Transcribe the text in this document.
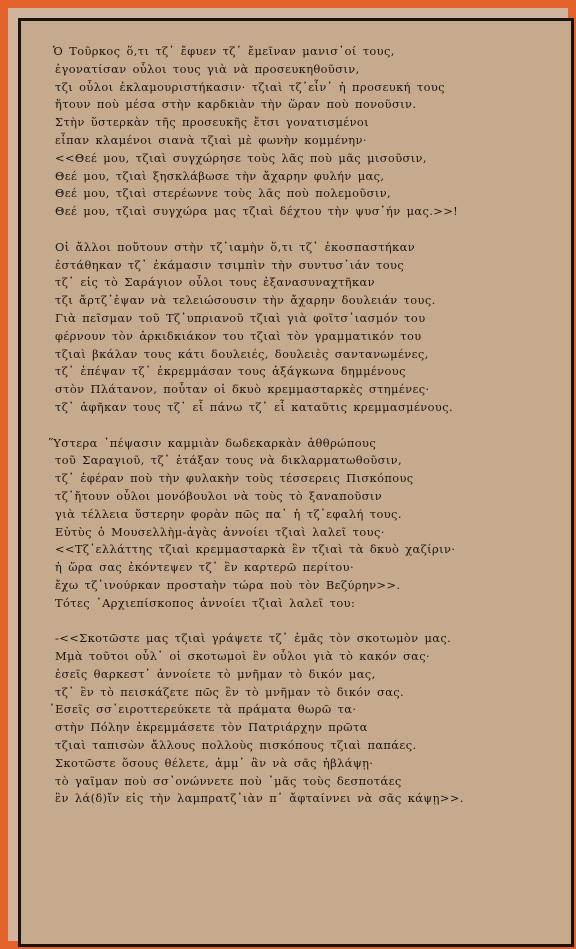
Ὁ Τοῦρκος ὅ,τι τζ᾽ ἔφυεν τζ᾽ ἔμεῖναν μανισ᾽οί τους,
ἐγονατίσαν οὗλοι τους γιὰ νὰ προσευκηθοῦσιν,
τζι οὗλοι ἐκλαμουριστήκασιν· τζιαὶ τζ᾽εἶν᾽ ἡ προσευκή τους
ἤτουν ποὺ μέσα στὴν καρδκιὰν τὴν ὥραν ποὺ πονοῦσιν.
Στὴν ὕστερκὰν τῆς προσευκῆς ἔτσι γονατισμένοι
εἶπαν κλαμένοι σιανὰ τζιαὶ μὲ φωνὴν κομμένην·
<<Θεέ μου, τζιαὶ συγχώρησε τοὺς λᾶς ποὺ μᾶς μισοῦσιν,
Θεέ μου, τζιαὶ ξησκλάβωσε τὴν ἄχαρην φυλήν μας,
Θεέ μου, τζιαὶ στερέωννε τοὺς λᾶς ποὺ πολεμοῦσιν,
Θεέ μου, τζιαὶ συγχώρα μας τζιαὶ δέχτου τὴν ψυσ᾽ήν μας.>>!
Οἱ ἄλλοι ποὔτουν στὴν τζ᾽ιαμὴν ὅ,τι τζ᾽ ἐκοσπαστήκαν
ἐστάθηκαν τζ᾽ ἐκάμασιν τσιμπὶν τὴν συντυσ᾽ιάν τους
τζ᾽ εἰς τὸ Σαράγιον οὗλοι τους ἐξανασυναχτῆκαν
τζι ἄρτζ᾽ἐψαν νὰ τελειώσουσιν τὴν ἄχαρην δουλειάν τους.
Γιὰ πεῖσμαν τοῦ Τζ᾽υπριανοῦ τζιαὶ γιὰ φοῖτσ᾽ιασμόν του
φέρνουν τὸν ἀρκιδκιάκον του τζιαὶ τὸν γραμματικόν του
τζιαὶ βκάλαν τους κάτι δουλειές, δουλειὲς σαντανωμένες,
τζ᾽ ἐπέψαν τζ᾽ ἐκρεμμάσαν τους ἀξάγκωνα δημμένους
στὸν Πλάτανον, ποὖταν οἱ δκυὸ κρεμμασταρκὲς στημένες·
τζ᾽ ἀφῆκαν τους τζ᾽ εἶ πάνω τζ᾽ εἶ καταῦτις κρεμμασμένους.
Ὕστερα ᾽πέψασιν καμμιὰν δωδεκαρκὰν ἀθθρώπους
τοῦ Σαραγιοῦ, τζ᾽ ἐτάξαν τους νὰ δικλαρματωθοῦσιν,
τζ᾽ ἐφέραν ποὺ τὴν φυλακὴν τοὺς τέσσερεις Πισκόπους
τζ᾽ἤτουν οὗλοι μονόβουλοι νὰ τοὺς τὸ ξαναποῦσιν
γιὰ τέλλεια ὕστερην φορὰν πῶς πα᾽ ἡ τζ᾽εφαλή τους.
Εὐτὺς ὁ Μουσελλὴμ-ἀγὰς ἀννοίει τζιαὶ λαλεῖ τους·
<<Τζ᾽ελλάττης τζιαὶ κρεμμασταρκὰ ἓν τζιαὶ τὰ δκυὸ χαζίριν·
ἡ ὥρα σας ἐκόντεψεν τζ᾽ ἓν καρτερῶ περίτου·
ἔχω τζ᾽ινούρκαν προσταὴν τώρα ποὺ τὸν Βεζύρην>>.
Τότες ᾽Αρχιεπίσκοπος ἀννοίει τζιαὶ λαλεῖ του:
-<<Σκοτῶστε μας τζιαὶ γράψετε τζ᾽ ἐμᾶς τὸν σκοτωμὸν μας.
Μμὰ τοῦτοι οὗλ᾽ οἱ σκοτωμοὶ ἓν οὗλοι γιὰ τὸ κακόν σας·
ἐσεῖς θαρκεστ᾽ ἀννοίετε τὸ μνῆμαν τὸ δικόν μας,
τζ᾽ ἓν τὸ πεισκάζετε πῶς ἓν τὸ μνῆμαν τὸ δικόν σας.
᾽Εσεῖς σσ᾽ειροττερεύκετε τὰ πράματα θωρῶ τα·
στὴν Πόλην ἐκρεμμάσετε τὸν Πατριάρχην πρῶτα
τζιαὶ ταπισὼν ἄλλους πολλοὺς πισκόπους τζιαὶ παπάες.
Σκοτῶστε ὅσους θέλετε, ἀμμ᾽ ἂν νὰ σᾶς ἠβλάψῃ·
τὸ γαῖμαν ποὺ σσ᾽ονώννετε ποὺ ᾽μᾶς τοὺς δεσποτάες
ἓν λά(δ)ἴν εἰς τὴν λαμπρατζ᾽ιὰν π᾽ ἄφταίννει νὰ σᾶς κάψῃ>>.
